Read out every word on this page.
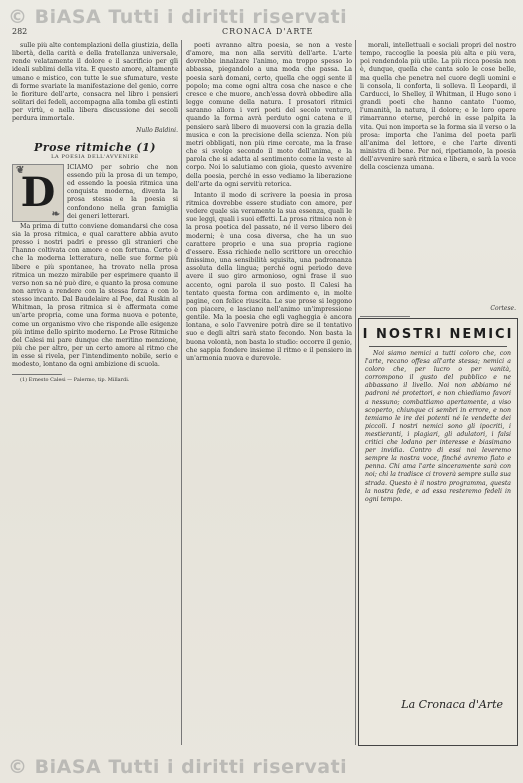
© BiASA Tutti i diritti riservati
282	CRONACA D'ARTE

sulle più alte contemplazioni della giustizia, della libertà, della carità e della fratellanza universale, rende velatamente il dolore e il sacrificio per gli ideali sublimi della vita. E questo amore, altamente umano e mistico, con tutte le sue sfumature, veste di forme svariate la manifestazione del genio, corre le fioriture dell'arte, consacra nel libro i pensieri solitari dei fedeli, accompagna alla tomba gli estinti per virtù, e nella libera discussione dei secoli perdura immortale.

Nullo Baldini.
Prose ritmiche (1)
LA POESIA DELL'AVVENIRE
❦
D
❧
ICIAMO per sobrio che non essendo più la prosa di un tempo, ed essendo la poesia ritmica una conquista moderna, diventa la prosa stessa e la poesia si confondono nella gran famiglia dei generi letterari.

Ma prima di tutto conviene domandarsi che cosa sia la prosa ritmica, e qual carattere abbia avuto presso i nostri padri e presso gli stranieri che l'hanno coltivata con amore e con fortuna. Certo è che la moderna letteratura, nelle sue forme più libere e più spontanee, ha trovato nella prosa ritmica un mezzo mirabile per esprimere quanto il verso non sa né può dire, e quanto la prosa comune non arriva a rendere con la stessa forza e con lo stesso incanto. Dal Baudelaire al Poe, dal Ruskin al Whitman, la prosa ritmica si è affermata come un'arte propria, come una forma nuova e potente, come un organismo vivo che risponde alle esigenze più intime dello spirito moderno. Le Prose Ritmiche del Calesi mi pare dunque che meritino menzione, più che per altro, per un certo amore al ritmo che in esse si rivela, per l'intendimento nobile, serio e modesto, lontano da ogni ambizione di scuola.

(1) Ernesto Calesi — Palermo, tip. Millardi.

poeti avranno altra poesia, se non a veste d'amore, ma non alla servitù dell'arte. L'arte dovrebbe innalzare l'animo, ma troppo spesso lo abbassa, piegandolo a una moda che passa. La poesia sarà domani, certo, quella che oggi sente il popolo; ma come ogni altra cosa che nasce e che cresce e che muore, anch'essa dovrà obbedire alla legge comune della natura. I prosatori ritmici saranno allora i veri poeti del secolo venturo, quando la forma avrà perduto ogni catena e il pensiero sarà libero di muoversi con la grazia della musica e con la precisione della scienza. Non più metri obbligati, non più rime cercate, ma la frase che si svolge secondo il moto dell'anima, e la parola che si adatta al sentimento come la veste al corpo. Noi lo salutiamo con gioia, questo avvenire della poesia, perché in esso vediamo la liberazione dell'arte da ogni servitù retorica.

Intanto il modo di scrivere la poesia in prosa ritmica dovrebbe essere studiato con amore, per vedere quale sia veramente la sua essenza, quali le sue leggi, quali i suoi effetti. La prosa ritmica non è la prosa poetica del passato, né il verso libero dei moderni; è una cosa diversa, che ha un suo carattere proprio e una sua propria ragione d'essere. Essa richiede nello scrittore un orecchio finissimo, una sensibilità squisita, una padronanza assoluta della lingua; perché ogni periodo deve avere il suo giro armonioso, ogni frase il suo accento, ogni parola il suo posto. Il Calesi ha tentato questa forma con ardimento e, in molte pagine, con felice riuscita. Le sue prose si leggono con piacere, e lasciano nell'animo un'impressione gentile. Ma la poesia che egli vagheggia è ancora lontana, e solo l'avvenire potrà dire se il tentativo suo e degli altri sarà stato fecondo. Non basta la buona volontà, non basta lo studio: occorre il genio, che sappia fondere insieme il ritmo e il pensiero in un'armonia nuova e durevole.

morali, intellettuali e sociali propri del nostro tempo, raccoglie la poesia più alta e più vera, poi rendendola più utile. La più ricca poesia non è, dunque, quella che canta solo le cose belle, ma quella che penetra nel cuore degli uomini e li consola, li conforta, li solleva. Il Leopardi, il Carducci, lo Shelley, il Whitman, il Hugo sono i grandi poeti che hanno cantato l'uomo, l'umanità, la natura, il dolore; e le loro opere rimarranno eterne, perché in esse palpita la vita. Qui non importa se la forma sia il verso o la prosa: importa che l'anima del poeta parli all'anima del lettore, e che l'arte diventi ministra di bene. Per noi, ripetiamolo, la poesia dell'avvenire sarà ritmica e libera, e sarà la voce della coscienza umana.

Cortese.
I NOSTRI NEMICI

Noi siamo nemici a tutti coloro che, con l'arte, recano offesa all'arte stessa; nemici a coloro che, per lucro o per vanità, corrompono il gusto del pubblico e ne abbassano il livello. Noi non abbiamo né padroni né protettori, e non chiediamo favori a nessuno; combattiamo apertamente, a viso scoperto, chiunque ci sembri in errore, e non temiamo le ire dei potenti né le vendette dei piccoli. I nostri nemici sono gli ipocriti, i mestieranti, i plagiari, gli adulatori, i falsi critici che lodano per interesse e biasimano per invidia. Contro di essi noi leveremo sempre la nostra voce, finché avremo fiato e penna. Chi ama l'arte sinceramente sarà con noi; chi la tradisce ci troverà sempre sulla sua strada. Questo è il nostro programma, questa la nostra fede, e ad essa resteremo fedeli in ogni tempo.

La Cronaca d'Arte
© BiASA Tutti i diritti riservati
